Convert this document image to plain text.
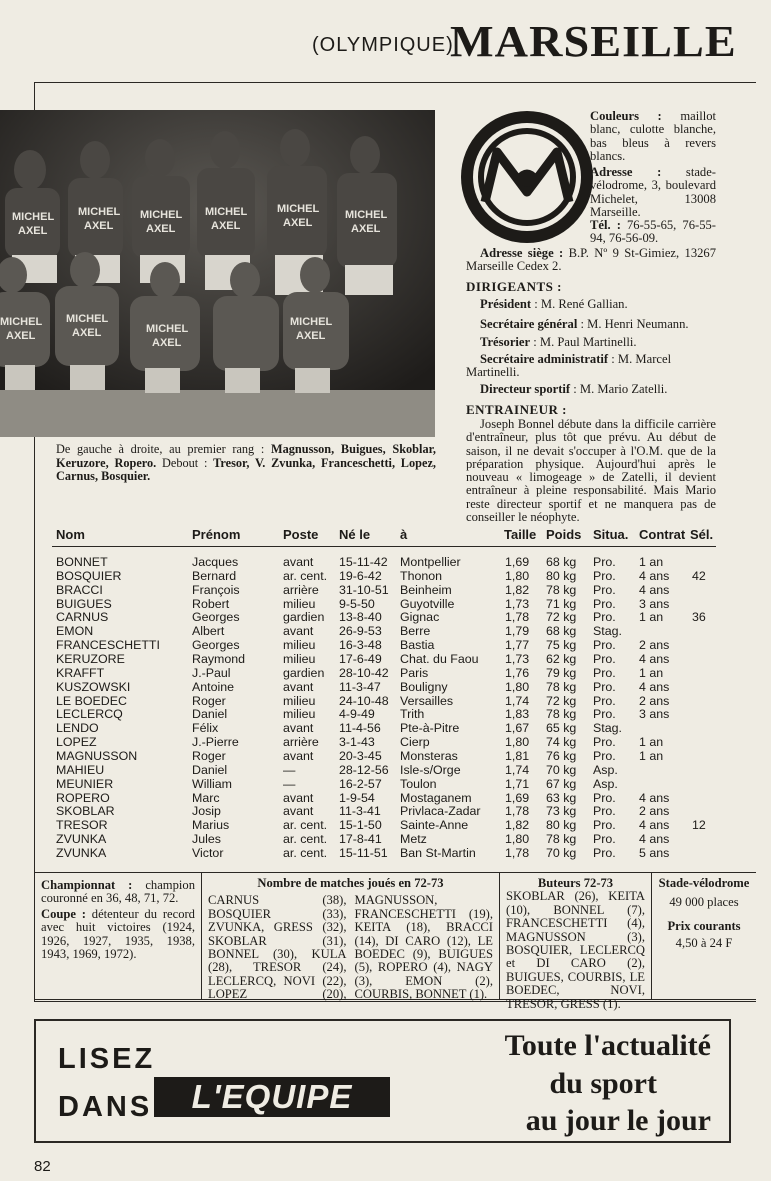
(OLYMPIQUE)
MARSEILLE
MICHEL
AXEL
MICHEL
AXEL
MICHEL
AXEL
MICHEL
AXEL
MICHEL
AXEL
MICHEL
AXEL
MICHEL
AXEL
MICHEL
AXEL	MICHEL
AXEL
MICHEL
AXEL
De gauche à droite, au premier rang : Magnusson, Buigues, Skoblar, Keruzore, Ropero. Debout : Tresor, V. Zvunka, Franceschetti, Lopez, Carnus, Bosquier.
Couleurs : maillot blanc, culotte blanche, bas bleus à revers blancs.
Adresse : stade-vélodrome, 3, boulevard Michelet, 13008 Marseille.
Tél. : 76-55-65, 76-55-94, 76-56-09.
Adresse siège : B.P. Nº 9 St-Gimiez, 13267 Marseille Cedex 2.
DIRIGEANTS :
Président : M. René Gallian.
Secrétaire général : M. Henri Neumann.
Trésorier : M. Paul Martinelli.
Secrétaire administratif : M. Marcel Martinelli.
Directeur sportif : M. Mario Zatelli.
ENTRAINEUR :
Joseph Bonnel débute dans la difficile carrière d'entraîneur, plus tôt que prévu. Au début de saison, il ne devait s'occuper à l'O.M. que de la préparation physique. Aujourd'hui après le nouveau « limogeage » de Zatelli, il devient entraîneur à pleine responsabilité. Mais Mario reste directeur sportif et ne manquera pas de conseiller le néophyte.
Nom	Prénom	Poste Né le à	Taille Poids Situa. Contrat Sél.
BONNET	Jacques	avant 15-11-42 Montpellier	1,69 68 kg Pro. 1 an
BOSQUIER	Bernard	ar. cent. 19-6-42 Thonon	1,80 80 kg Pro. 4 ans 42
BRACCI	François	arrière 31-10-51 Beinheim	1,82 78 kg Pro. 4 ans
BUIGUES	Robert	milieu 9-5-50 Guyotville	1,73 71 kg Pro. 3 ans
CARNUS	Georges	gardien 13-8-40 Gignac	1,78 72 kg Pro. 1 an 36
EMON	Albert	avant 26-9-53 Berre	1,79 68 kg Stag.
FRANCESCHETTI	Georges	milieu 16-3-48 Bastia	1,77 75 kg Pro. 2 ans
KERUZORE	Raymond	milieu 17-6-49 Chat. du Faou 1,73 62 kg Pro. 4 ans
KRAFFT	J.-Paul	gardien 28-10-42 Paris	1,76 79 kg Pro. 1 an
KUSZOWSKI	Antoine	avant 11-3-47 Bouligny	1,80 78 kg Pro. 4 ans
LE BOEDEC	Roger	milieu 24-10-48 Versailles	1,74 72 kg Pro. 2 ans
LECLERCQ	Daniel	milieu 4-9-49 Trith	1,83 78 kg Pro. 3 ans
LENDO	Félix	avant 11-4-56 Pte-à-Pitre	1,67 65 kg Stag.
LOPEZ	J.-Pierre	arrière 3-1-43 Cierp	1,80 74 kg Pro. 1 an
MAGNUSSON	Roger	avant 20-3-45 Monsteras	1,81 76 kg Pro. 1 an
MAHIEU	Daniel	—	28-12-56 Isle-s/Orge	1,74 70 kg Asp.
MEUNIER	William	—	16-2-57 Toulon	1,71 67 kg Asp.
ROPERO	Marc	avant 1-9-54 Mostaganem	1,69 63 kg Pro. 4 ans
SKOBLAR	Josip	avant 11-3-41 Privlaca-Zadar 1,78 73 kg Pro. 2 ans
TRESOR	Marius	ar. cent. 15-1-50 Sainte-Anne	1,82 80 kg Pro. 4 ans 12
ZVUNKA	Jules	ar. cent. 17-8-41 Metz	1,80 78 kg Pro. 4 ans
ZVUNKA	Victor	ar. cent. 15-11-51 Ban St-Martin 1,78 70 kg Pro. 5 ans
Championnat : champion couronné en 36, 48, 71, 72.
Coupe : détenteur du record avec huit victoires (1924, 1926, 1927, 1935, 1938, 1943, 1969, 1972).
Nombre de matches joués en 72-73
CARNUS (38), BOSQUIER (33), ZVUNKA, GRESS (32), SKOBLAR (31), BONNEL (30), KULA (28), TRESOR (24), LECLERCQ, NOVI (22), LOPEZ (20), MAGNUSSON, FRANCESCHETTI (19), KEITA (18), BRACCI (14), DI CARO (12), LE BOEDEC (9), BUIGUES (5), ROPERO (4), NAGY (3), EMON (2), COURBIS, BONNET (1).
Buteurs 72-73
SKOBLAR (26), KEITA (10), BONNEL (7), FRANCESCHETTI (4), MAGNUSSON (3), BOSQUIER, LECLERCQ et DI CARO (2), BUIGUES, COURBIS, LE BOEDEC, NOVI, TRESOR, GRESS (1).
Stade-vélodrome
49 000 places
Prix courants
4,50 à 24 F
LISEZ
DANS	L'EQUIPE
Toute l'actualité
du sport
au jour le jour
82
